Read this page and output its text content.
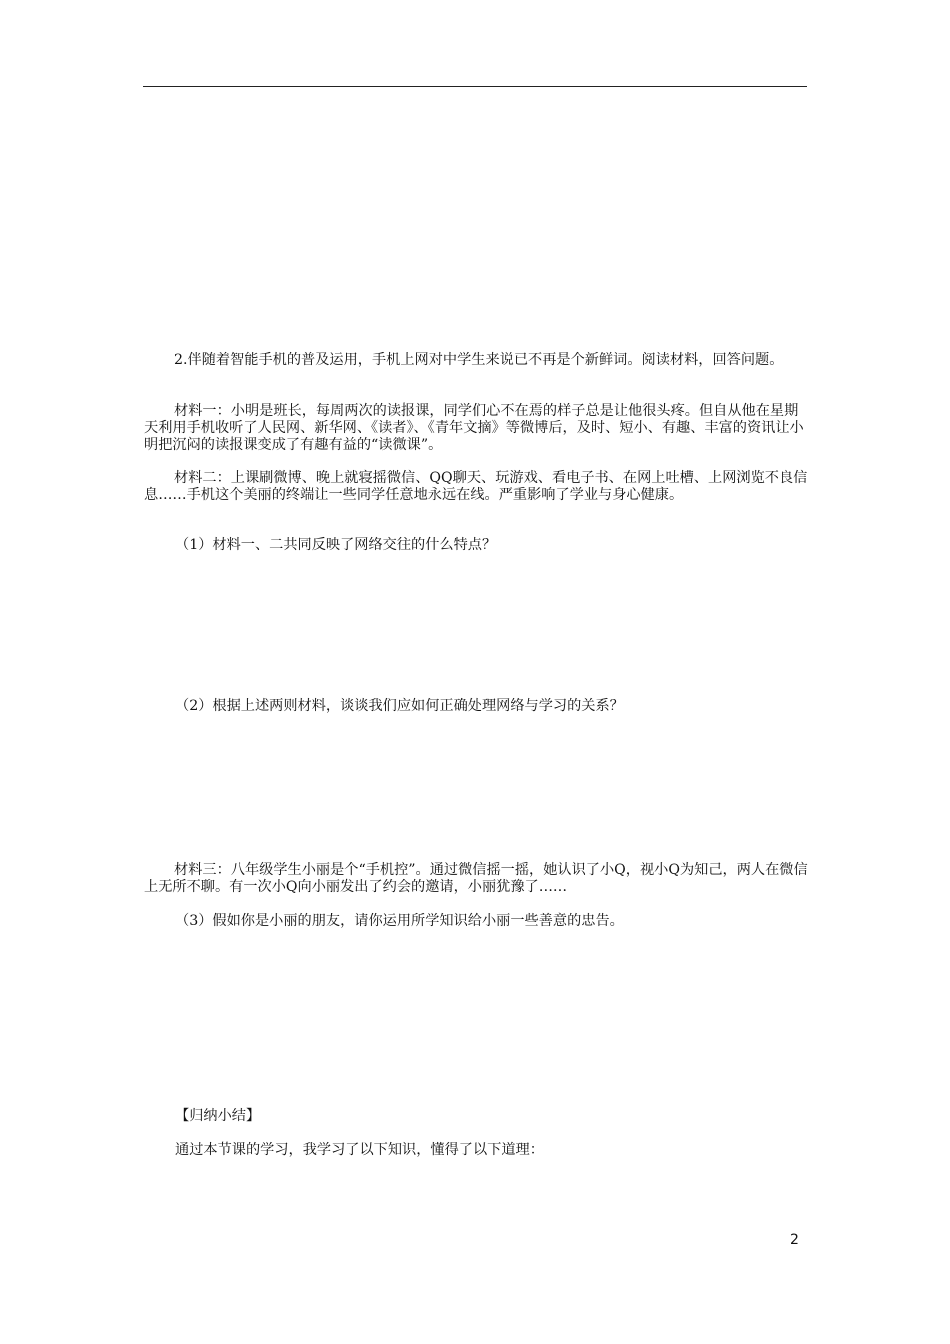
2.伴随着智能手机的普及运用，手机上网对中学生来说已不再是个新鲜词。阅读材料，回答问题。

材料一：小明是班长，每周两次的读报课，同学们心不在焉的样子总是让他很头疼。但自从他在星期天利用手机收听了人民网、新华网、《读者》、《青年文摘》等微博后，及时、短小、有趣、丰富的资讯让小明把沉闷的读报课变成了有趣有益的“读微课”。

材料二：上课刷微博、晚上就寝摇微信、QQ聊天、玩游戏、看电子书、在网上吐槽、上网浏览不良信息……手机这个美丽的终端让一些同学任意地永远在线。严重影响了学业与身心健康。

（1）材料一、二共同反映了网络交往的什么特点？

（2）根据上述两则材料，谈谈我们应如何正确处理网络与学习的关系？

材料三：八年级学生小丽是个“手机控”。通过微信摇一摇，她认识了小Q，视小Q为知己，两人在微信上无所不聊。有一次小Q向小丽发出了约会的邀请，小丽犹豫了……

（3）假如你是小丽的朋友，请你运用所学知识给小丽一些善意的忠告。

【归纳小结】

通过本节课的学习，我学习了以下知识，懂得了以下道理：

2
